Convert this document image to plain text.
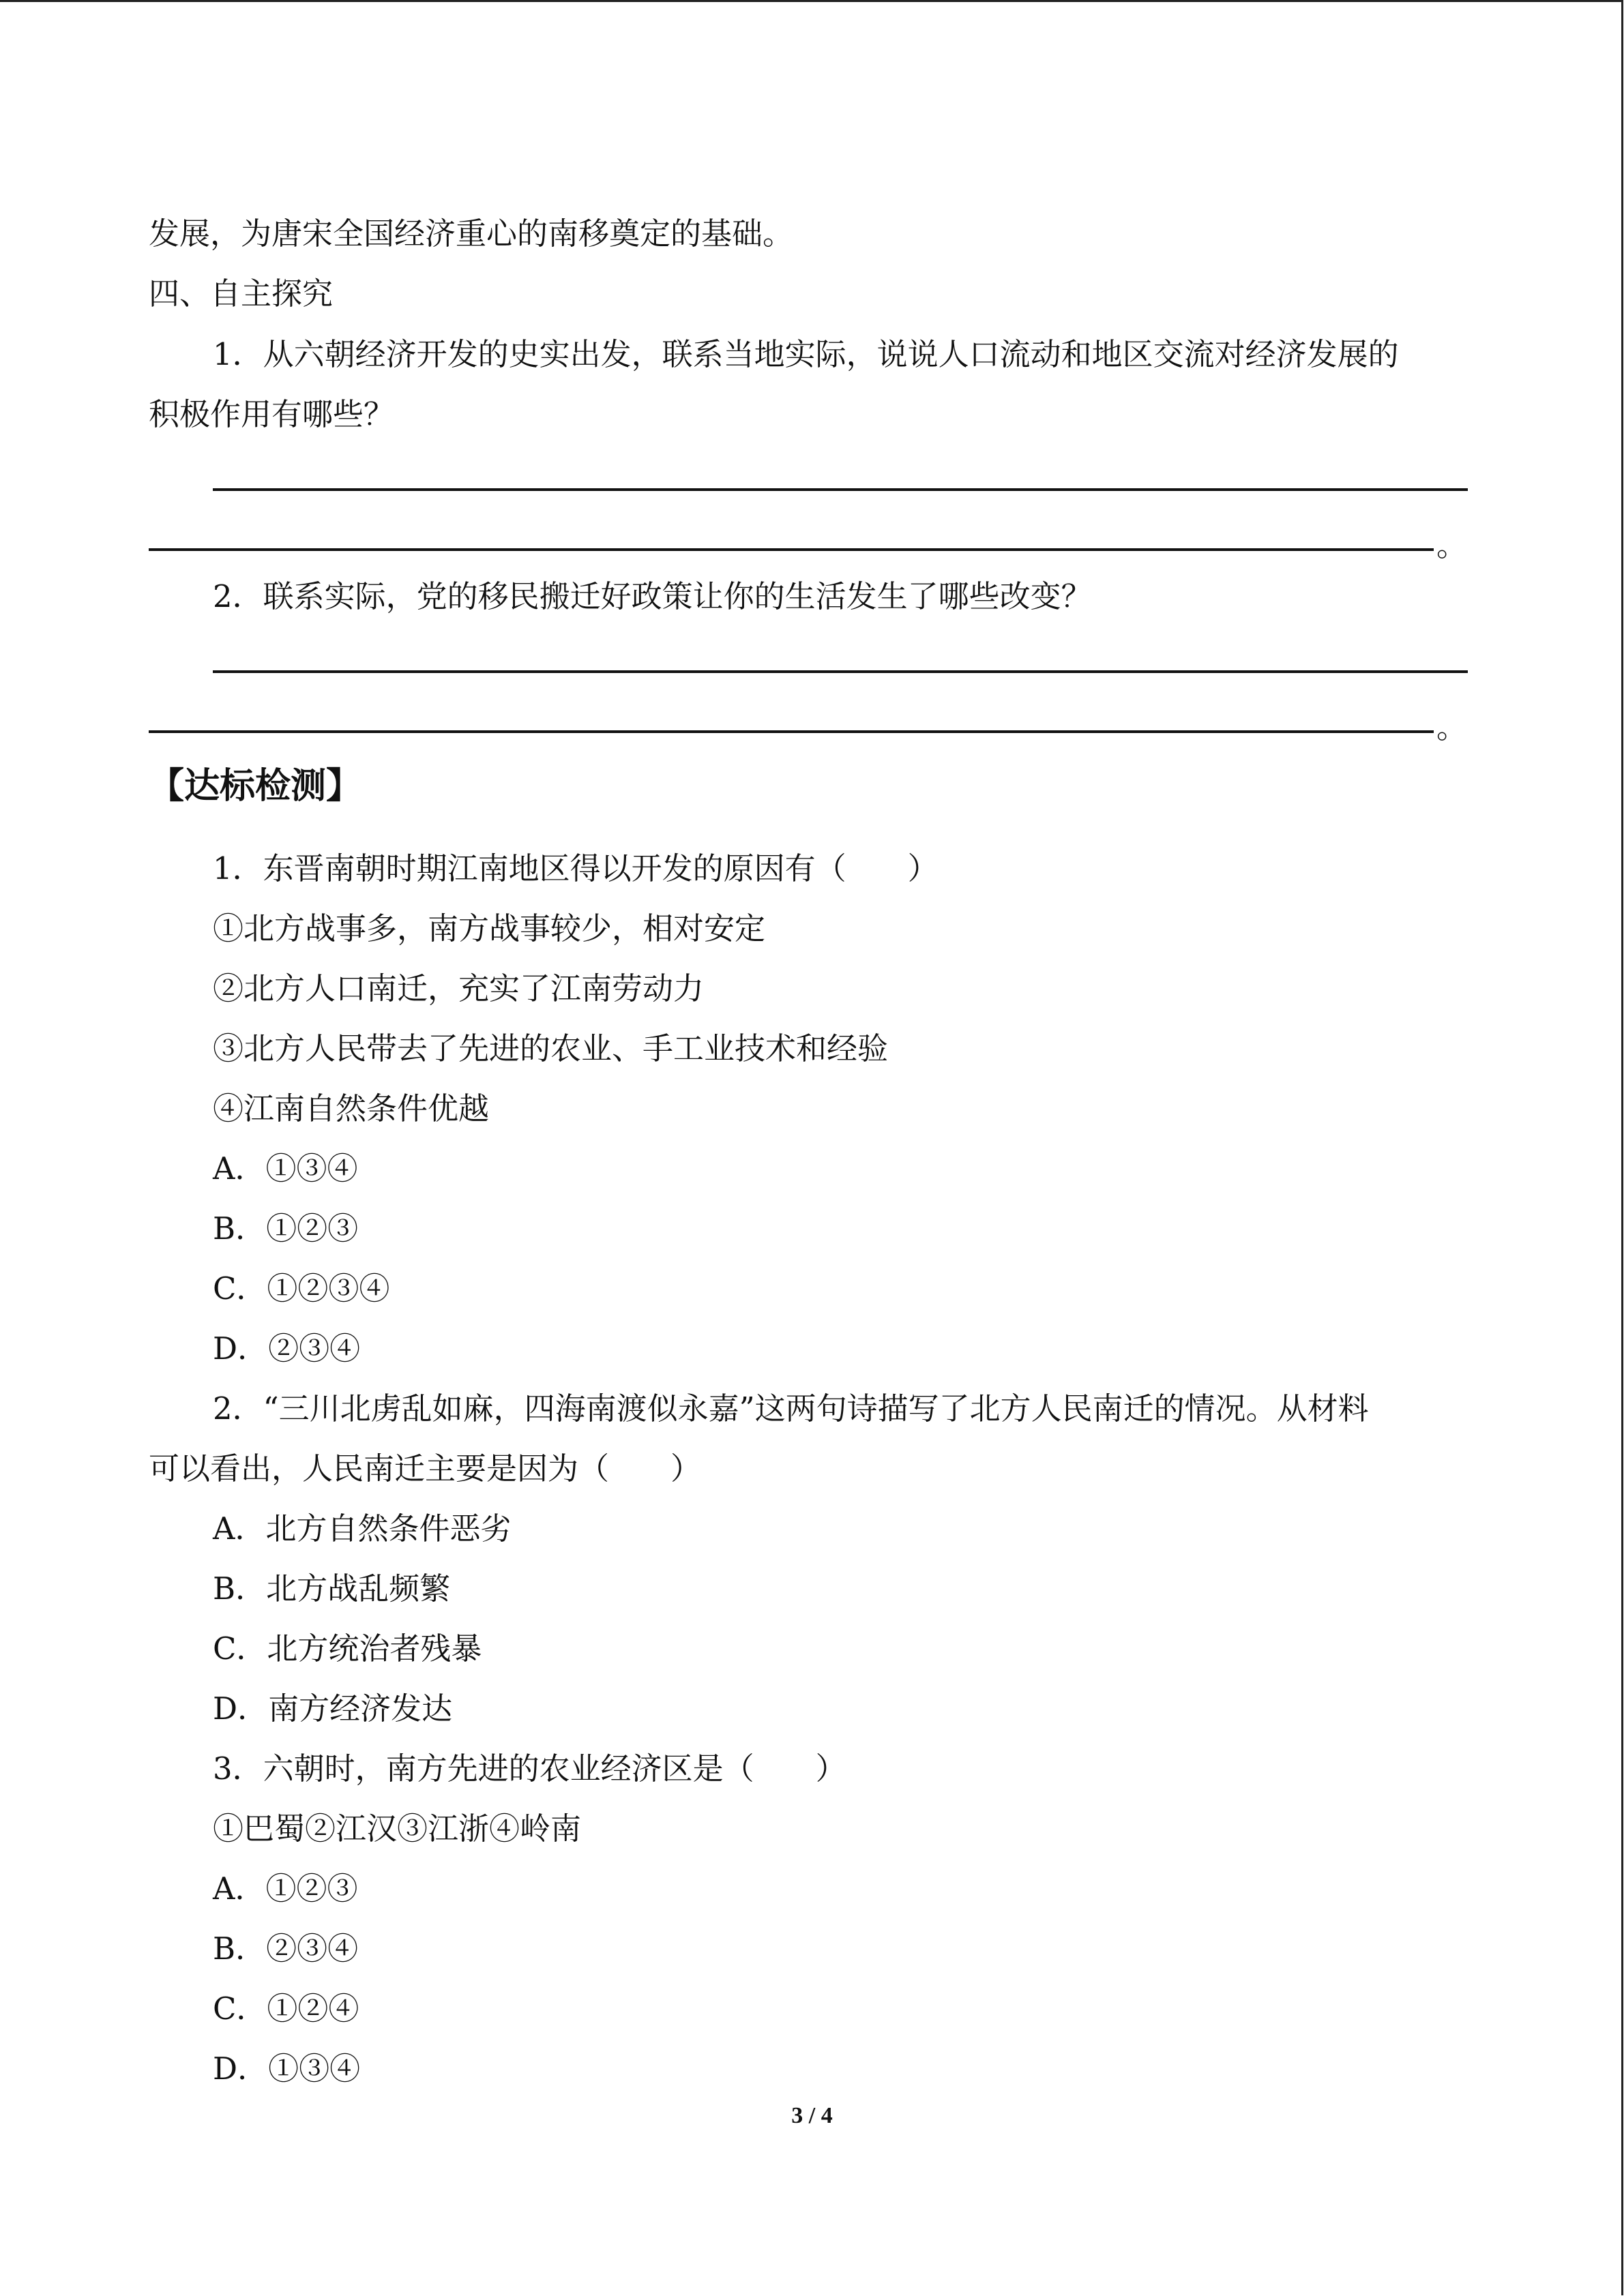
发展，为唐宋全国经济重心的南移奠定的基础。
四、自主探究
1．从六朝经济开发的史实出发，联系当地实际，说说人口流动和地区交流对经济发展的
积极作用有哪些？
。
2．联系实际，党的移民搬迁好政策让你的生活发生了哪些改变？
。
【达标检测】
1．东晋南朝时期江南地区得以开发的原因有（　　）
①北方战事多，南方战事较少，相对安定
②北方人口南迁，充实了江南劳动力
③北方人民带去了先进的农业、手工业技术和经验
④江南自然条件优越
A．①③④
B．①②③
C．①②③④
D．②③④
2．“三川北虏乱如麻，四海南渡似永嘉”这两句诗描写了北方人民南迁的情况。从材料
可以看出，人民南迁主要是因为（　　）
A．北方自然条件恶劣
B．北方战乱频繁
C．北方统治者残暴
D．南方经济发达
3．六朝时，南方先进的农业经济区是（　　）
①巴蜀②江汉③江浙④岭南
A．①②③
B．②③④
C．①②④
D．①③④
3 / 4
